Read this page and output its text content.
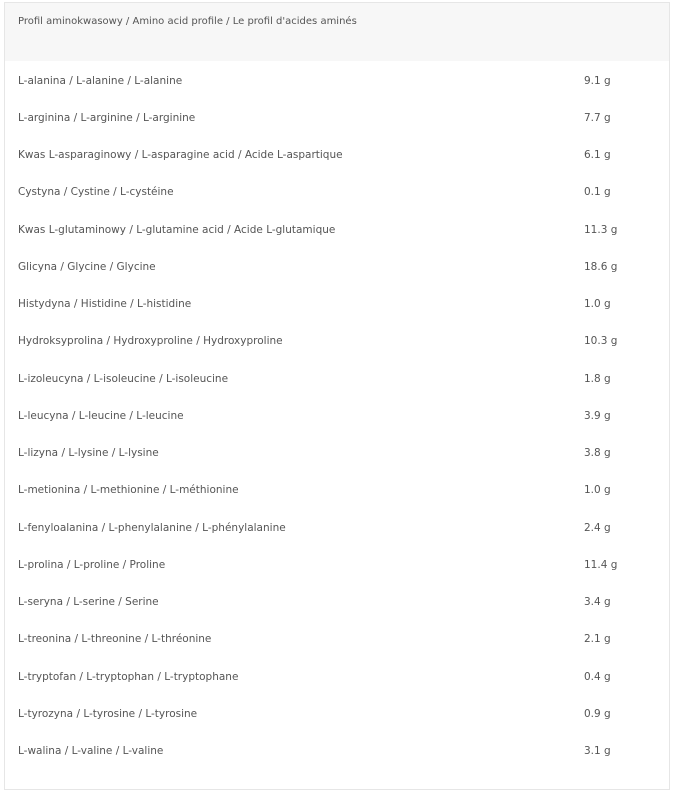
Profil aminokwasowy / Amino acid profile / Le profil d'acides aminés
L-alanina / L-alanine / L-alanine	9.1 g
L-arginina / L-arginine / L-arginine	7.7 g
Kwas L-asparaginowy / L-asparagine acid / Acide L-aspartique	6.1 g
Cystyna / Cystine / L-cystéine	0.1 g
Kwas L-glutaminowy / L-glutamine acid / Acide L-glutamique	11.3 g
Glicyna / Glycine / Glycine	18.6 g
Histydyna / Histidine / L-histidine	1.0 g
Hydroksyprolina / Hydroxyproline / Hydroxyproline	10.3 g
L-izoleucyna / L-isoleucine / L-isoleucine	1.8 g
L-leucyna / L-leucine / L-leucine	3.9 g
L-lizyna / L-lysine / L-lysine	3.8 g
L-metionina / L-methionine / L-méthionine	1.0 g
L-fenyloalanina / L-phenylalanine / L-phénylalanine	2.4 g
L-prolina / L-proline / Proline	11.4 g
L-seryna / L-serine / Serine	3.4 g
L-treonina / L-threonine / L-thréonine	2.1 g
L-tryptofan / L-tryptophan / L-tryptophane	0.4 g
L-tyrozyna / L-tyrosine / L-tyrosine	0.9 g
L-walina / L-valine / L-valine	3.1 g
